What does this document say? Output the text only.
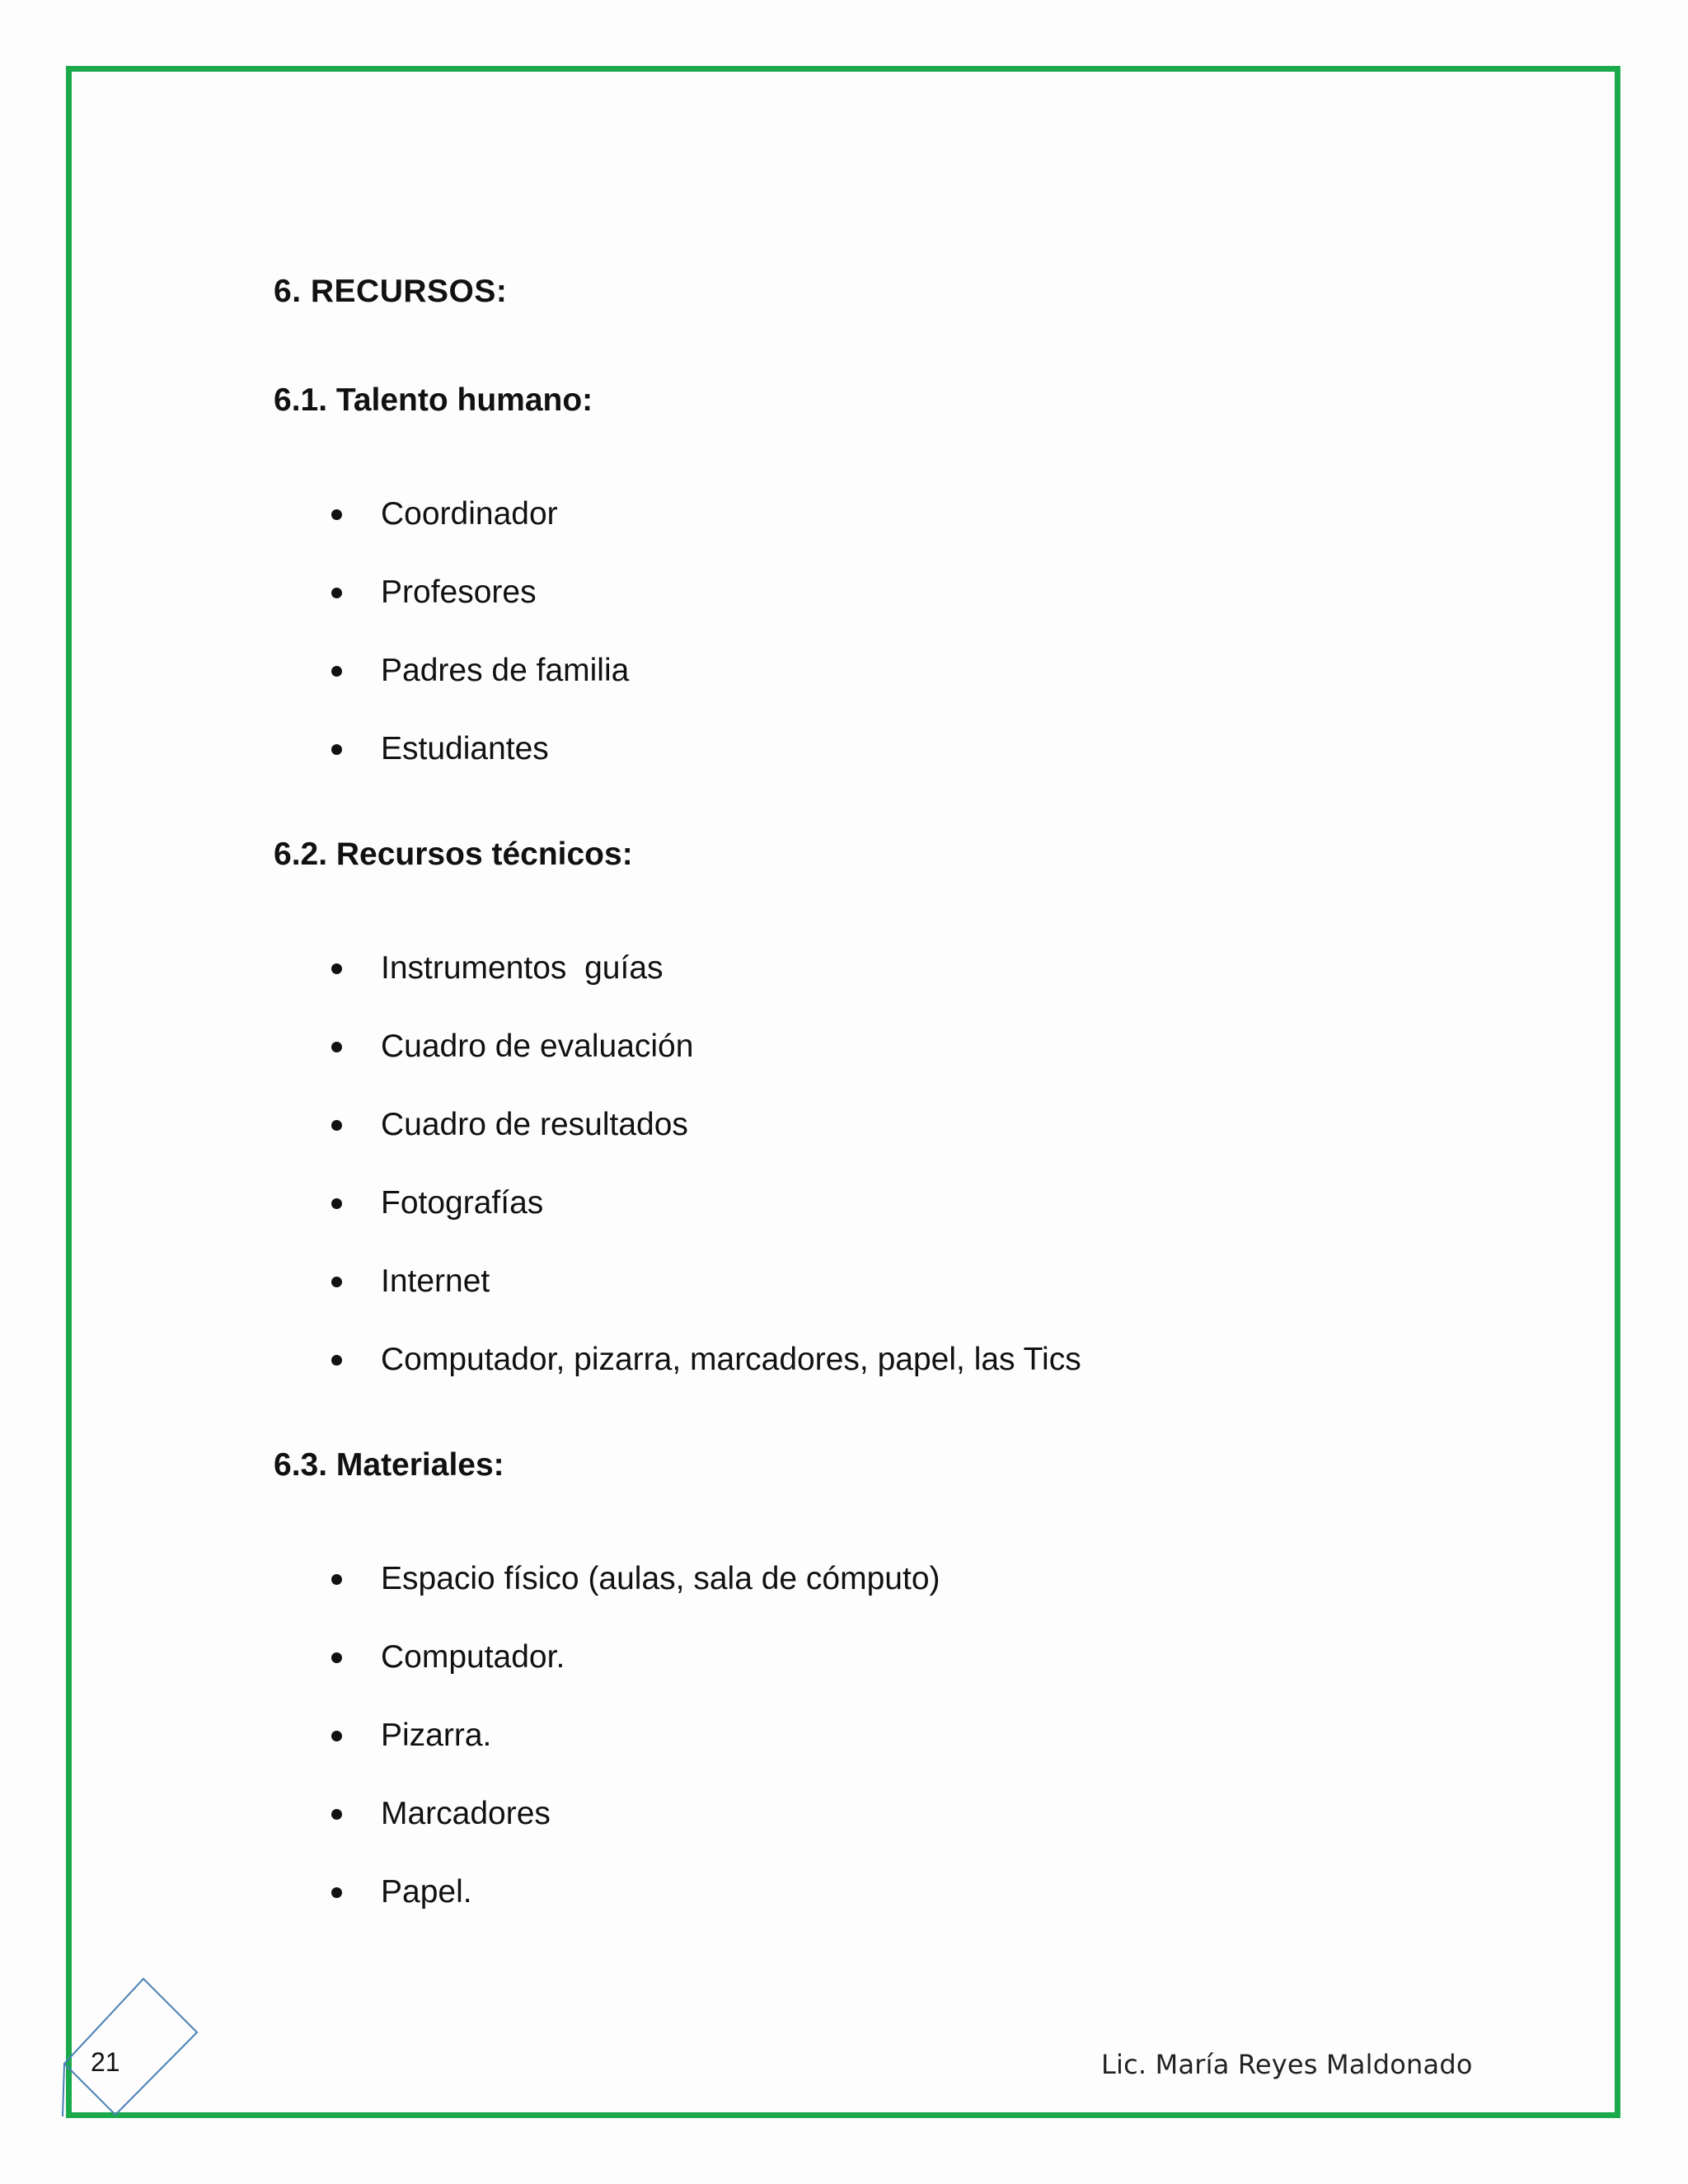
6. RECURSOS:
6.1. Talento humano:
Coordinador
Profesores
Padres de familia
Estudiantes
6.2. Recursos técnicos:
Instrumentos  guías
Cuadro de evaluación
Cuadro de resultados
Fotografías
Internet
Computador, pizarra, marcadores, papel, las Tics
6.3. Materiales:
Espacio físico (aulas, sala de cómputo)
Computador.
Pizarra.
Marcadores
Papel.
21	Lic. María Reyes Maldonado
